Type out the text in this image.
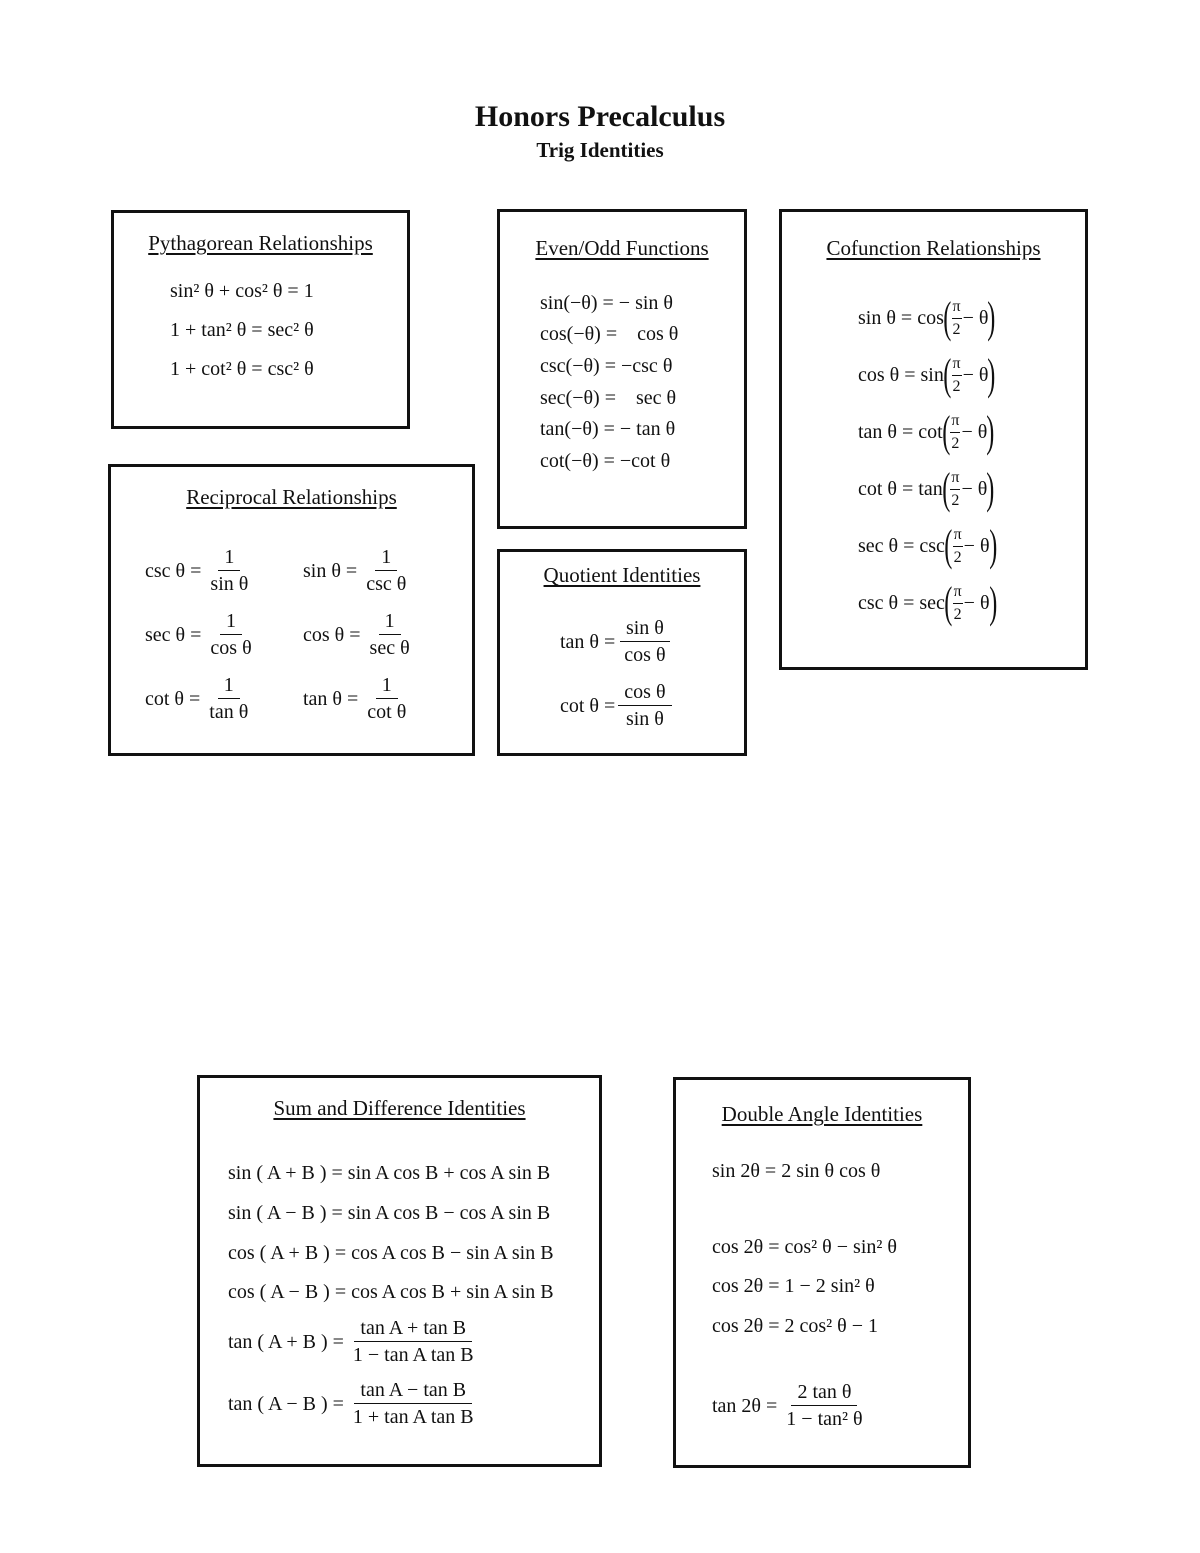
Honors Precalculus
Trig Identities
Pythagorean Relationships
sin² θ + cos² θ = 1
1 + tan² θ = sec² θ
1 + cot² θ = csc² θ
Even/Odd Functions
sin(−θ) = − sin θ
cos(−θ) =    cos θ
csc(−θ) = −csc θ
sec(−θ) =    sec θ
tan(−θ) = − tan θ
cot(−θ) = −cot θ
Cofunction Relationships
sin θ = cos ( $\frac{\pi}{2} - \theta$ )
cos θ = sin ( $\frac{\pi}{2} - \theta$ )
tan θ = cot ( $\frac{\pi}{2} - \theta$ )
cot θ = tan ( $\frac{\pi}{2} - \theta$ )
sec θ = csc ( $\frac{\pi}{2} - \theta$ )
csc θ = sec ( $\frac{\pi}{2} - \theta$ )
Reciprocal Relationships
$\csc \theta = \frac{1}{\text{sin θ}}$ $\sin \theta = \frac{1}{\text{csc θ}}$
$\sec \theta = \frac{1}{\text{cos θ}}$ $\cos \theta = \frac{1}{\text{sec θ}}$
$\cot \theta = \frac{1}{\text{tan θ}}$ $\tan \theta = \frac{1}{\text{cot θ}}$
Quotient Identities
$\tan \theta = \frac{\text{sin θ}}{\text{cos θ}}$
$\cot \theta = \frac{\text{cos θ}}{\text{sin θ}}$
Sum and Difference Identities
sin ( A + B ) = sin A cos B + cos A sin B
sin ( A − B ) = sin A cos B − cos A sin B
cos ( A + B ) = cos A cos B − sin A sin B
cos ( A − B ) = cos A cos B + sin A sin B
tan ( A + B ) = $\frac{\text{tan A + tan B}}{\text{1 − tan A tan B}}$
tan ( A − B ) = $\frac{\text{tan A − tan B}}{\text{1 + tan A tan B}}$
Double Angle Identities
sin 2θ = 2 sin θ cos θ
cos 2θ = cos² θ − sin² θ
cos 2θ = 1 − 2 sin² θ
cos 2θ = 2 cos² θ − 1
$\tan 2\theta = \frac{\text{2 tan θ}}{\text{1 − tan² θ}}$
